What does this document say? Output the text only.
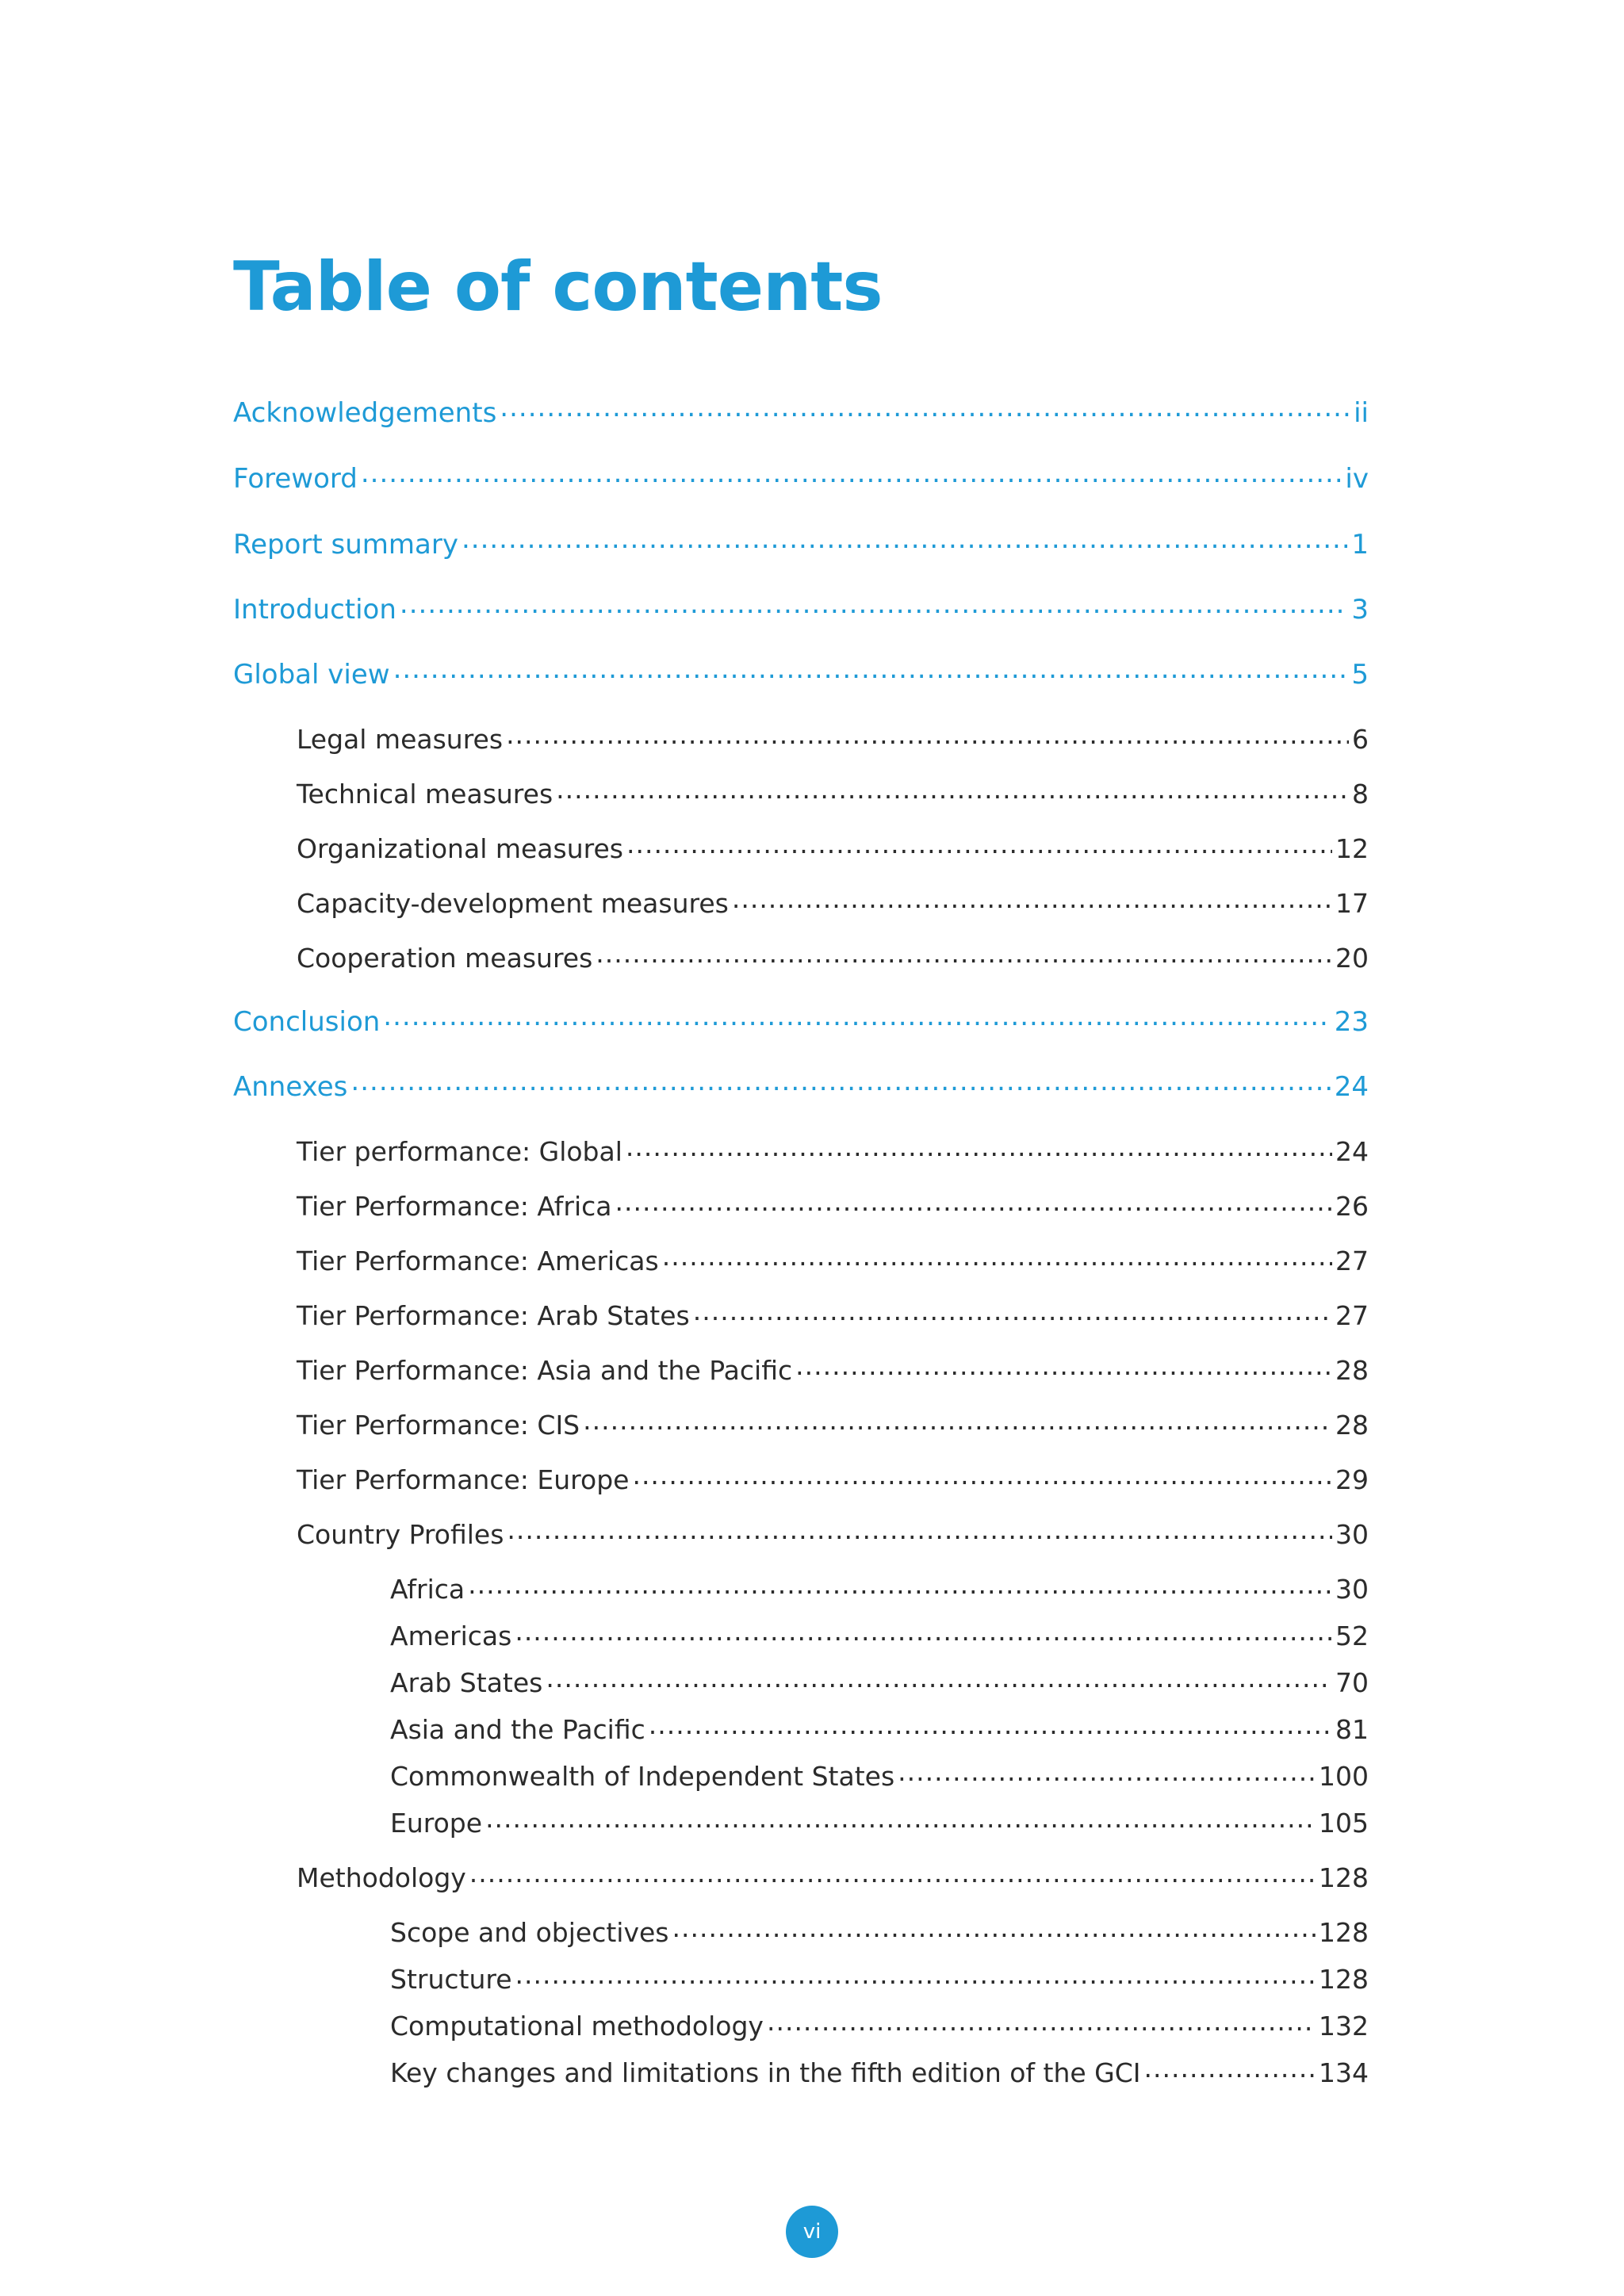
Table of contents
Acknowledgements .....	ii
Foreword .....	iv
Report summary .....	1
Introduction .....	3
Global view .....	5
Legal measures .....	6
Technical measures .....	8
Organizational measures .....	12
Capacity-development measures .....	17
Cooperation measures .....	20
Conclusion .....	23
Annexes .....	24
Tier performance: Global .....	24
Tier Performance: Africa .....	26
Tier Performance: Americas .....	27
Tier Performance: Arab States .....	27
Tier Performance: Asia and the Pacific .....	28
Tier Performance: CIS .....	28
Tier Performance: Europe .....	29
Country Profiles .....	30
Africa .....	30
Americas .....	52
Arab States .....	70
Asia and the Pacific .....	81
Commonwealth of Independent States .....	100
Europe .....	105
Methodology .....	128
Scope and objectives .....	128
Structure .....	128
Computational methodology .....	132
Key changes and limitations in the fifth edition of the GCI .....	134
vi
